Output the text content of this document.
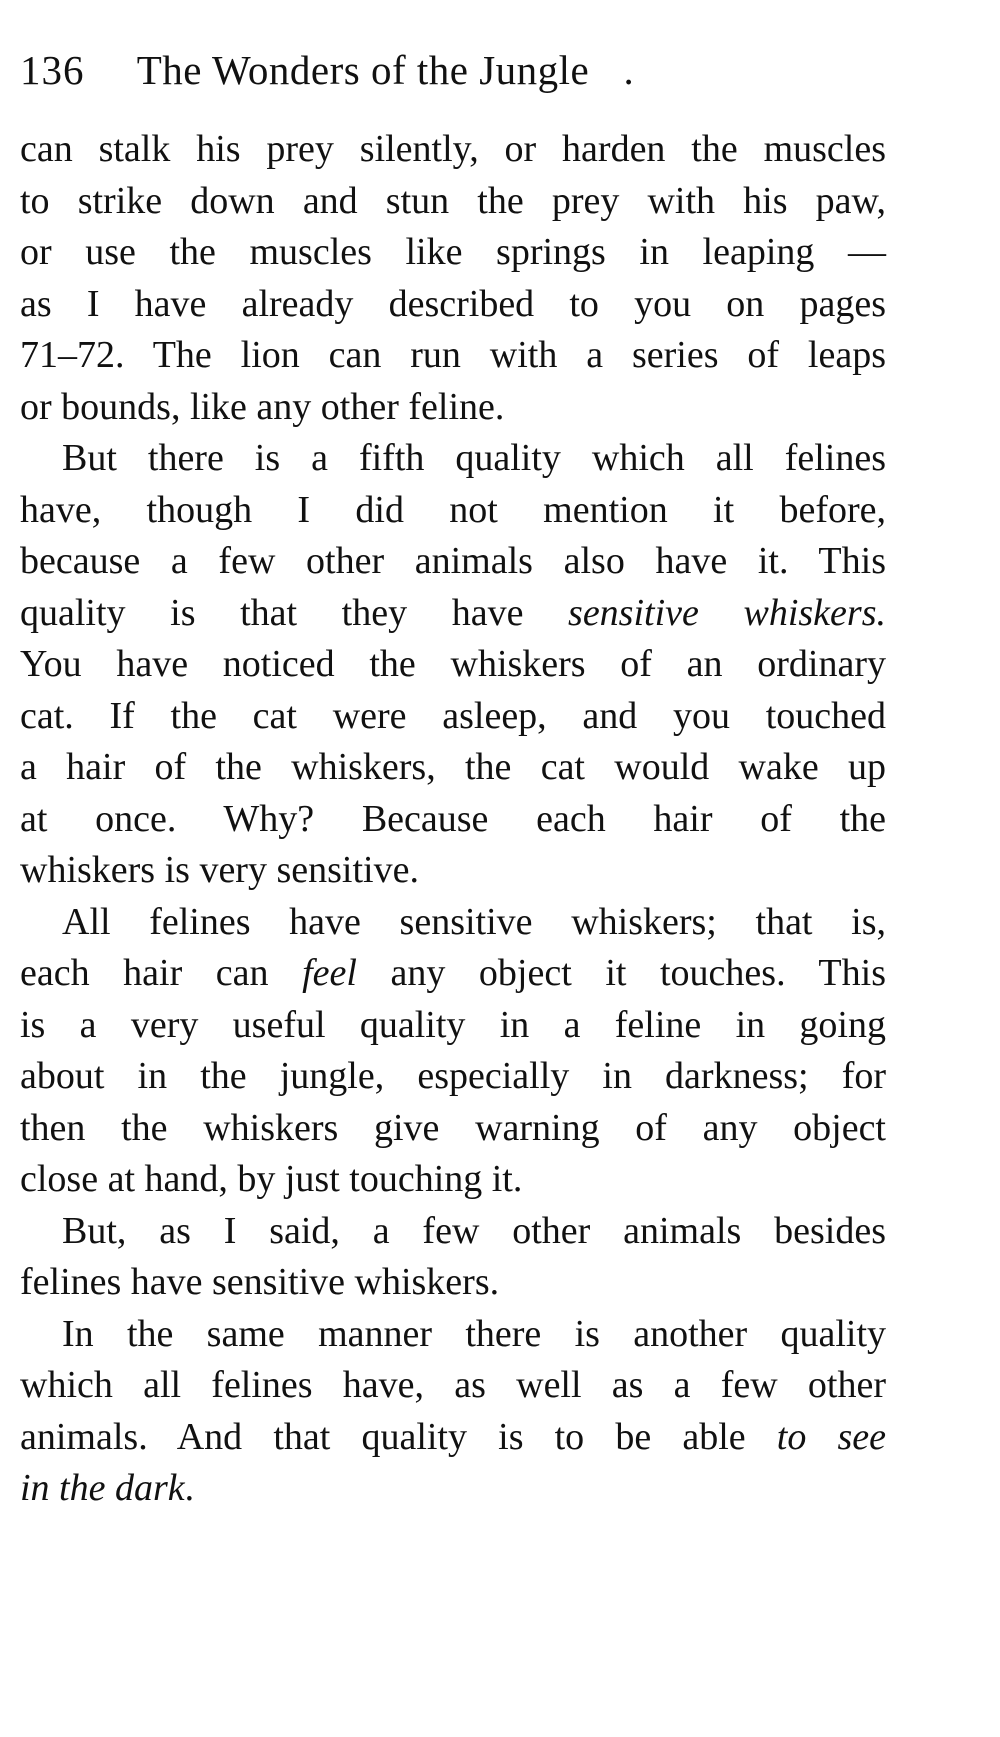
136 The Wonders of the Jungle .

can stalk his prey silently, or harden the muscles
to strike down and stun the prey with his paw,
or use the muscles like springs in leaping —
as I have already described to you on pages
71–72. The lion can run with a series of leaps
or bounds, like any other feline.

But there is a fifth quality which all felines
have, though I did not mention it before,
because a few other animals also have it. This
quality is that they have sensitive whiskers.
You have noticed the whiskers of an ordinary
cat. If the cat were asleep, and you touched
a hair of the whiskers, the cat would wake up
at once. Why? Because each hair of the
whiskers is very sensitive.

All felines have sensitive whiskers; that is,
each hair can feel any object it touches. This
is a very useful quality in a feline in going
about in the jungle, especially in darkness; for
then the whiskers give warning of any object
close at hand, by just touching it.

But, as I said, a few other animals besides
felines have sensitive whiskers.

In the same manner there is another quality
which all felines have, as well as a few other
animals. And that quality is to be able to see
in the dark.
